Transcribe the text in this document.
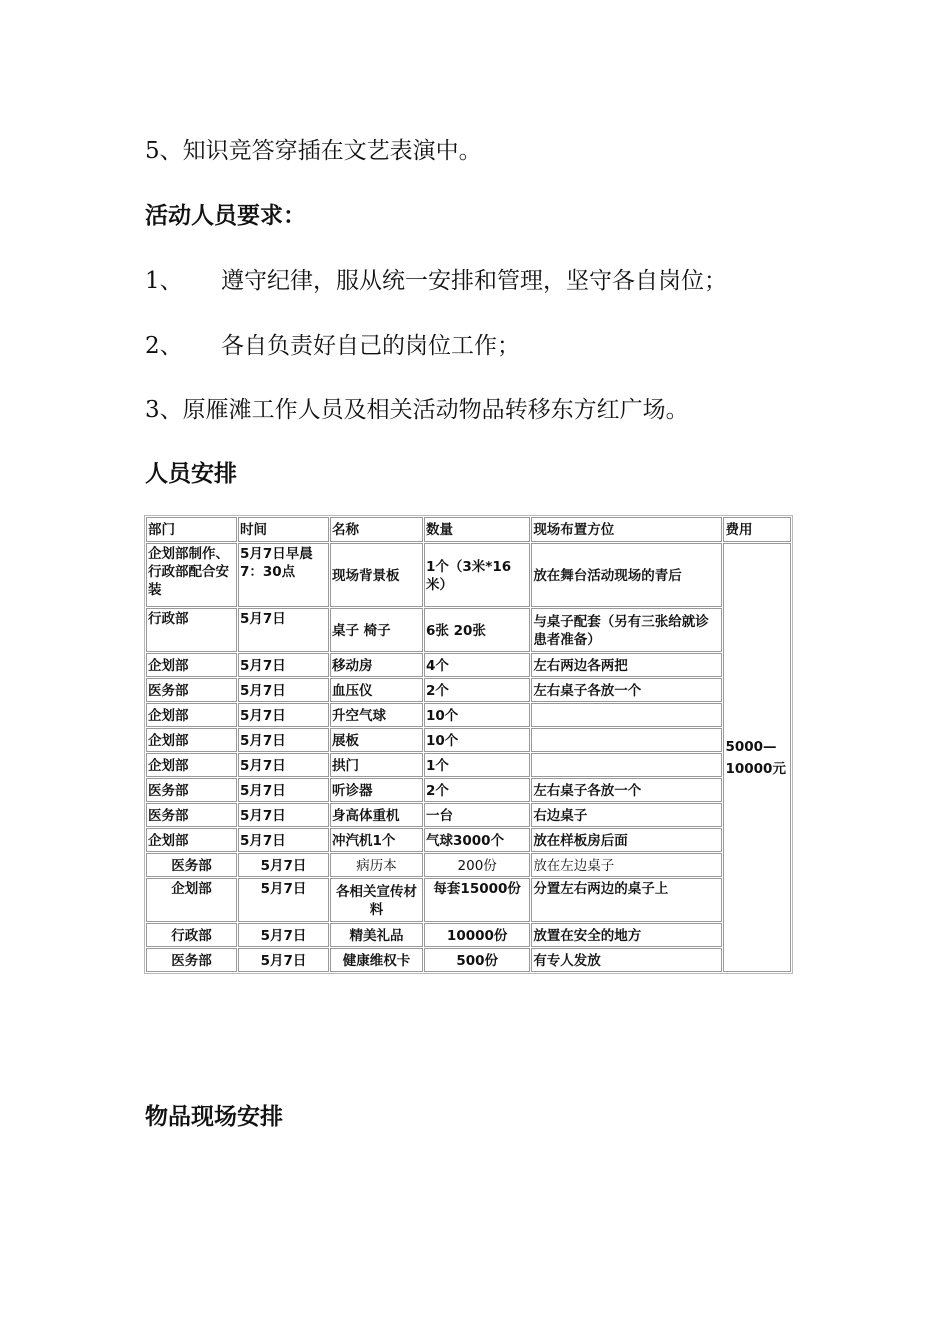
5、知识竞答穿插在文艺表演中。
活动人员要求：
1、 遵守纪律，服从统一安排和管理，坚守各自岗位；
2、 各自负责好自己的岗位工作；
3、原雁滩工作人员及相关活动物品转移东方红广场。
人员安排
部门	时间	名称	数量	现场布置方位	费用
企划部制作、行政部配合安装	5月7日早晨7：30点	现场背景板	1个（3米*16米）	放在舞台活动现场的青后	5000—
10000元

行政部	5月7日	桌子 椅子	6张 20张	与桌子配套（另有三张给就诊患者准备）	
企划部	5月7日	移动房	4个	左右两边各两把	
医务部	5月7日	血压仪	2个	左右桌子各放一个	
企划部	5月7日	升空气球	10个		
企划部	5月7日	展板	10个		
企划部	5月7日	拱门	1个		
医务部	5月7日	听诊器	2个	左右桌子各放一个	
医务部	5月7日	身高体重机	一台	右边桌子	
企划部	5月7日	冲汽机1个	气球3000个	放在样板房后面	
医务部	5月7日	病历本	200份	放在左边桌子	
企划部	5月7日	各相关宣传材料	每套15000份	分置左右两边的桌子上	
行政部	5月7日	精美礼品	10000份	放置在安全的地方	
医务部	5月7日	健康维权卡	500份	有专人发放	
物品现场安排
